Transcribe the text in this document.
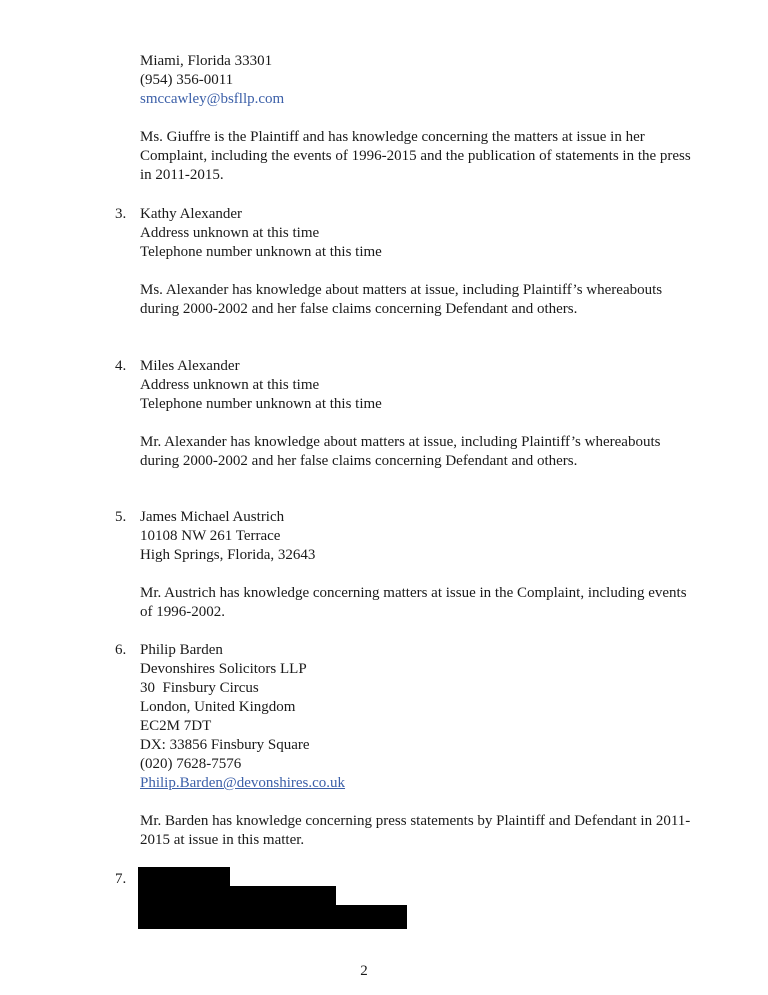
Miami, Florida 33301
(954) 356-0011
smccawley@bsfllp.com
Ms. Giuffre is the Plaintiff and has knowledge concerning the matters at issue in her Complaint, including the events of 1996-2015 and the publication of statements in the press in 2011-2015.
3. Kathy Alexander
Address unknown at this time
Telephone number unknown at this time
Ms. Alexander has knowledge about matters at issue, including Plaintiff’s whereabouts during 2000-2002 and her false claims concerning Defendant and others.
4. Miles Alexander
Address unknown at this time
Telephone number unknown at this time
Mr. Alexander has knowledge about matters at issue, including Plaintiff’s whereabouts during 2000-2002 and her false claims concerning Defendant and others.
5. James Michael Austrich
10108 NW 261 Terrace
High Springs, Florida, 32643
Mr. Austrich has knowledge concerning matters at issue in the Complaint, including events of 1996-2002.
6. Philip Barden
Devonshires Solicitors LLP
30  Finsbury Circus
London, United Kingdom
EC2M 7DT
DX: 33856 Finsbury Square
(020) 7628-7576
Philip.Barden@devonshires.co.uk
Mr. Barden has knowledge concerning press statements by Plaintiff and Defendant in 2011-2015 at issue in this matter.
7.
2
